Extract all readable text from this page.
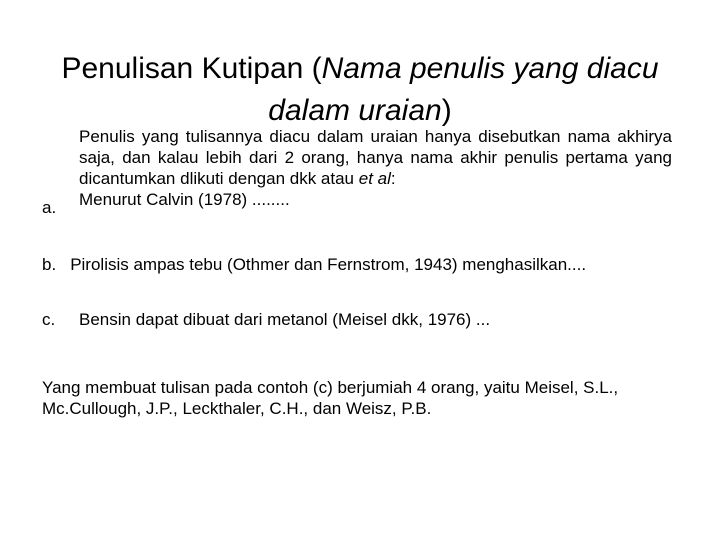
Penulisan Kutipan (Nama penulis yang diacu dalam uraian)
a.
Penulis yang tulisannya diacu dalam uraian hanya disebutkan nama akhirya saja, dan kalau lebih dari 2 orang, hanya nama akhir penulis pertama yang dicantumkan dlikuti dengan dkk atau et al:
Menurut Calvin (1978) ........
b. Pirolisis ampas tebu (Othmer dan Fernstrom, 1943) menghasilkan....
c. Bensin dapat dibuat dari metanol (Meisel dkk, 1976) ...

Yang membuat tulisan pada contoh (c) berjumiah 4 orang, yaitu Meisel, S.L., Mc.Cullough, J.P., Leckthaler, C.H., dan Weisz, P.B.
